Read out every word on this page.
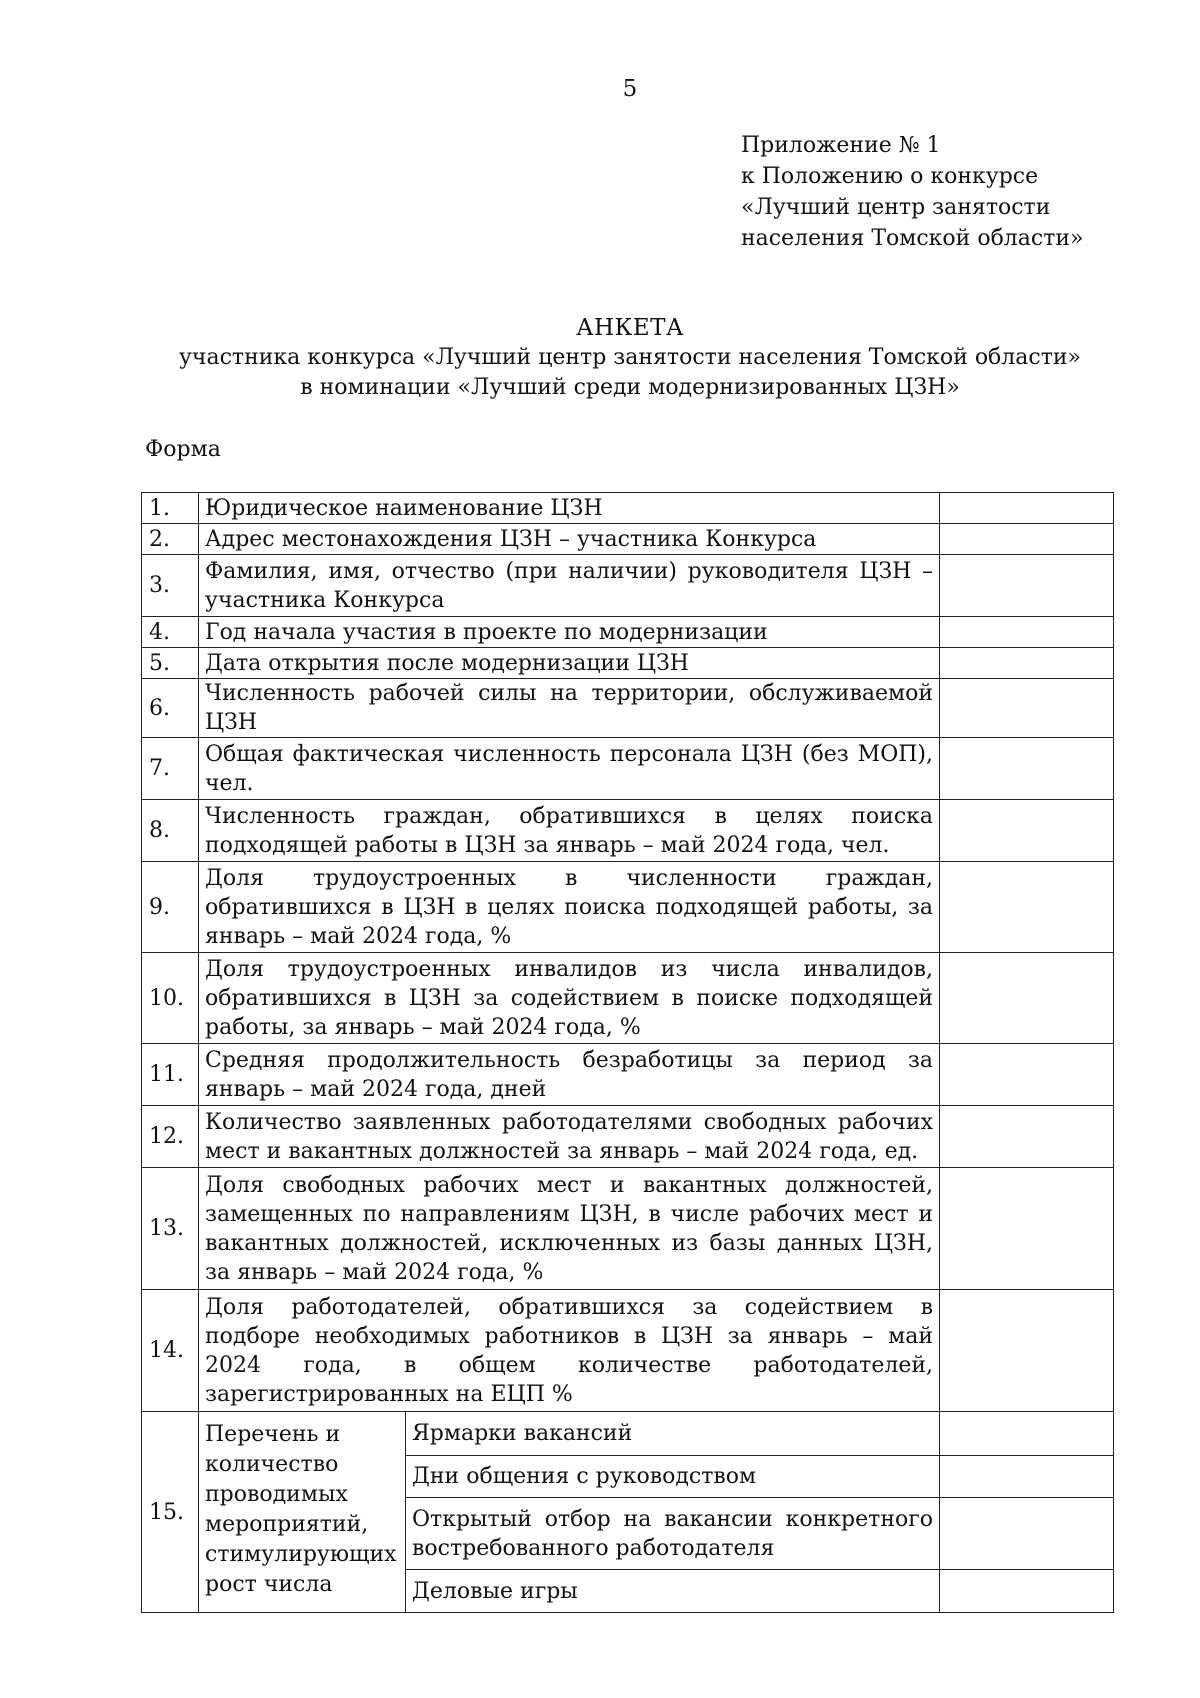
5
Приложение № 1
к Положению о конкурсе
«Лучший центр занятости
населения Томской области»
АНКЕТА
участника конкурса «Лучший центр занятости населения Томской области»
в номинации «Лучший среди модернизированных ЦЗН»
Форма
1.	Юридическое наименование ЦЗН		
2.	Адрес местонахождения ЦЗН – участника Конкурса		
3.	Фамилия, имя, отчество (при наличии) руководителя ЦЗН – участника Конкурса		
4.	Год начала участия в проекте по модернизации		
5.	Дата открытия после модернизации ЦЗН		
6.	Численность рабочей силы на территории, обслуживаемой ЦЗН		
7.	Общая фактическая численность персонала ЦЗН (без МОП), чел.		
8.	Численность граждан, обратившихся в целях поиска подходящей работы в ЦЗН за январь – май 2024 года, чел.		
9.	Доля трудоустроенных в численности граждан, обратившихся в ЦЗН в целях поиска подходящей работы, за январь – май 2024 года, %		
10.	Доля трудоустроенных инвалидов из числа инвалидов, обратившихся в ЦЗН за содействием в поиске подходящей работы, за январь – май 2024 года, %		
11.	Средняя продолжительность безработицы за период за январь – май 2024 года, дней		
12.	Количество заявленных работодателями свободных рабочих мест и вакантных должностей за январь – май 2024 года, ед.		
13.	Доля свободных рабочих мест и вакантных должностей, замещенных по направлениям ЦЗН, в числе рабочих мест и вакантных должностей, исключенных из базы данных ЦЗН, за январь – май 2024 года, %		
14.	Доля работодателей, обратившихся за содействием в подборе необходимых работников в ЦЗН за январь – май 2024 года, в общем количестве работодателей, зарегистрированных на ЕЦП %		
15.	Перечень и количество проводимых мероприятий, стимулирующих рост числа	Ярмарки вакансий	
		Дни общения с руководством	
		Открытый отбор на вакансии конкретного востребованного работодателя	
		Деловые игры	
